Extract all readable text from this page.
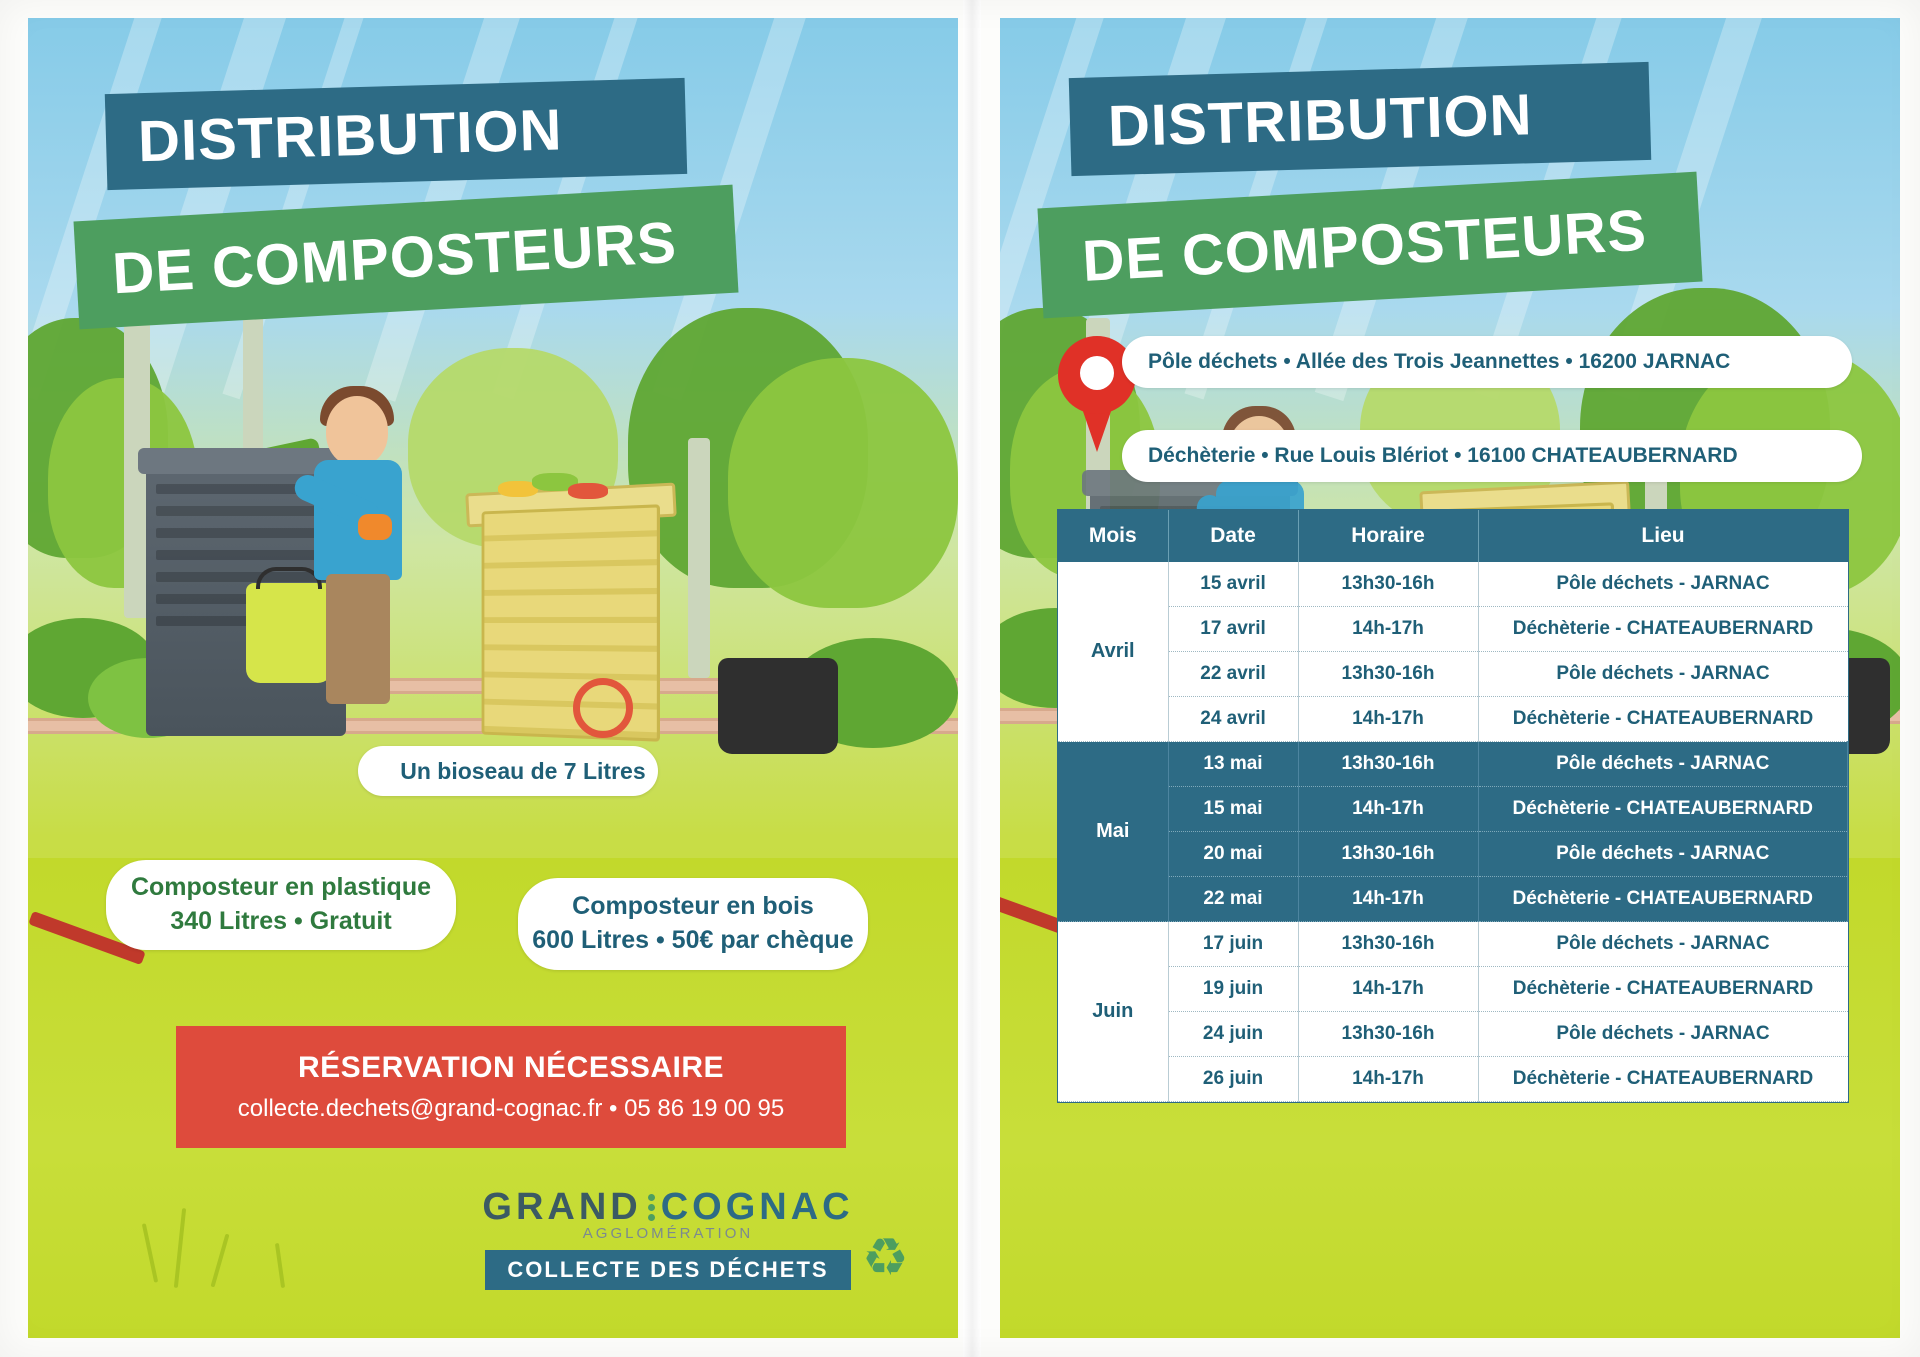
DISTRIBUTION
DE COMPOSTEURS
+ Un bioseau de 7 Litres
Composteur en plastique
340 Litres • Gratuit
Composteur en bois
600 Litres • 50€ par chèque
RÉSERVATION NÉCESSAIRE
collecte.dechets@grand-cognac.fr • 05 86 19 00 95
GRAND COGNAC
AGGLOMÉRATION
COLLECTE DES DÉCHETS ♻
DISTRIBUTION
DE COMPOSTEURS
Pôle déchets • Allée des Trois Jeannettes • 16200 JARNAC
Déchèterie • Rue Louis Blériot • 16100 CHATEAUBERNARD
Mois	Date	Horaire	Lieu
Avril	15 avril	13h30-16h	Pôle déchets - JARNAC
	17 avril	14h-17h	Déchèterie - CHATEAUBERNARD
	22 avril	13h30-16h	Pôle déchets - JARNAC
	24 avril	14h-17h	Déchèterie - CHATEAUBERNARD
Mai	13 mai	13h30-16h	Pôle déchets - JARNAC
	15 mai	14h-17h	Déchèterie - CHATEAUBERNARD
	20 mai	13h30-16h	Pôle déchets - JARNAC
	22 mai	14h-17h	Déchèterie - CHATEAUBERNARD
Juin	17 juin	13h30-16h	Pôle déchets - JARNAC
	19 juin	14h-17h	Déchèterie - CHATEAUBERNARD
	24 juin	13h30-16h	Pôle déchets - JARNAC
	26 juin	14h-17h	Déchèterie - CHATEAUBERNARD
